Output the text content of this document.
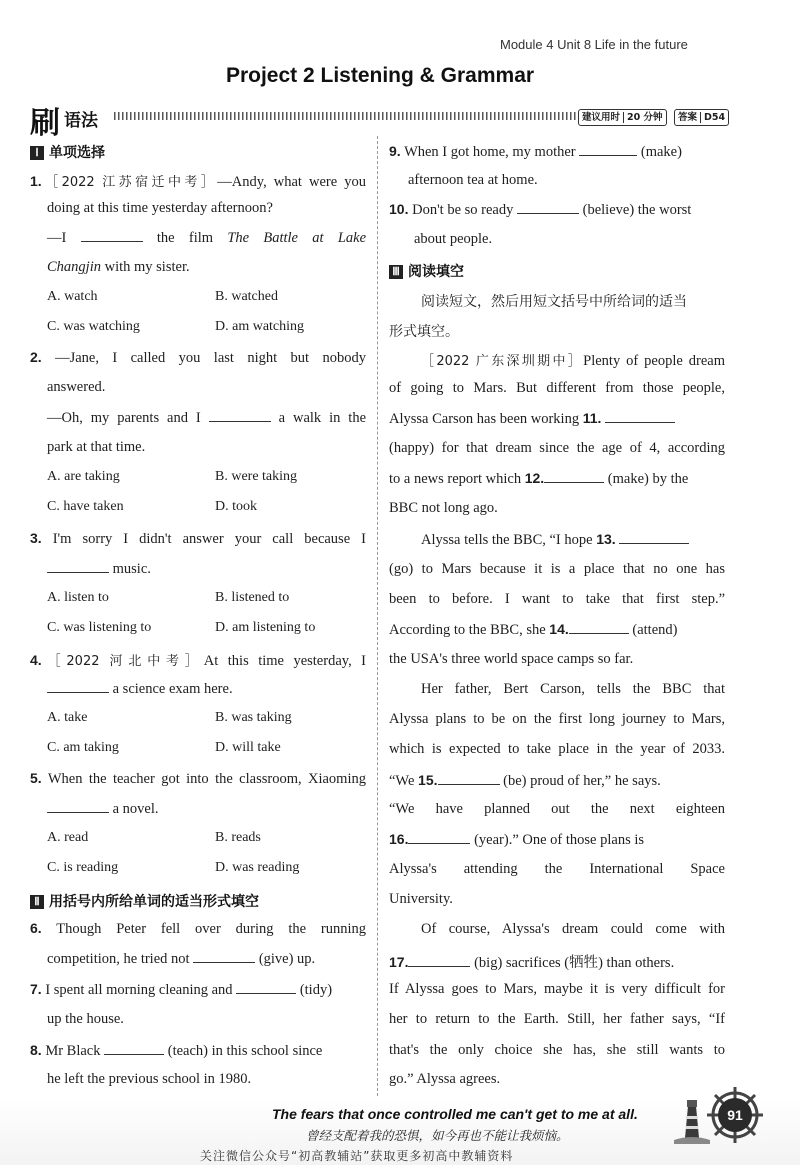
Module 4 Unit 8 Life in the future
Project 2 Listening & Grammar
刷 语法	建议用时 20 分钟	答案 D54
Ⅰ 单项选择
1.［2022 江苏宿迁中考］—Andy, what were you
doing at this time yesterday afternoon?
—I	the film The Battle at Lake
Changjin with my sister.
A. watch	B. watched
C. was watching	D. am watching
2. —Jane, I called you last night but nobody
answered.
—Oh, my parents and I	a walk in the
park at that time.
A. are taking	B. were taking
C. have taken	D. took
3. I'm sorry I didn't answer your call because I
music.
A. listen to	B. listened to
C. was listening to	D. am listening to
4.［2022 河北中考］At this time yesterday, I
a science exam here.
A. take	B. was taking
C. am taking	D. will take
5. When the teacher got into the classroom, Xiaoming
a novel.
A. read	B. reads
C. is reading	D. was reading
Ⅱ 用括号内所给单词的适当形式填空
6. Though Peter fell over during the running
competition, he tried not	(give) up.
7. I spent all morning cleaning and	(tidy)
up the house.
8. Mr Black	(teach) in this school since
he left the previous school in 1980.
9. When I got home, my mother	(make)
afternoon tea at home.
10. Don't be so ready	(believe) the worst
about people.
Ⅲ 阅读填空
阅读短文，然后用短文括号中所给词的适当
形式填空。
［2022 广东深圳期中］Plenty of people dream
of going to Mars. But different from those people,
Alyssa Carson has been working 11.
(happy) for that dream since the age of 4, according
to a news report which 12.	(make) by the
BBC not long ago.
Alyssa tells the BBC, “I hope 13.
(go) to Mars because it is a place that no one has
been to before. I want to take that first step.”
According to the BBC, she 14.	(attend)
the USA's three world space camps so far.
Her father, Bert Carson, tells the BBC that
Alyssa plans to be on the first long journey to Mars,
which is expected to take place in the year of 2033.
“We 15.	(be) proud of her,” he says.
“We have planned out the next eighteen
16.	(year).” One of those plans is
Alyssa's attending the International Space
University.
Of course, Alyssa's dream could come with
17.	(big) sacrifices (牺牲) than others.
If Alyssa goes to Mars, maybe it is very difficult for
her to return to the Earth. Still, her father says, “If
that's the only choice she has, she still wants to
go.” Alyssa agrees.
The fears that once controlled me can't get to me at all.
曾经支配着我的恐惧，如今再也不能让我烦恼。
关注微信公众号“初高教辅站”获取更多初高中教辅资料
91
